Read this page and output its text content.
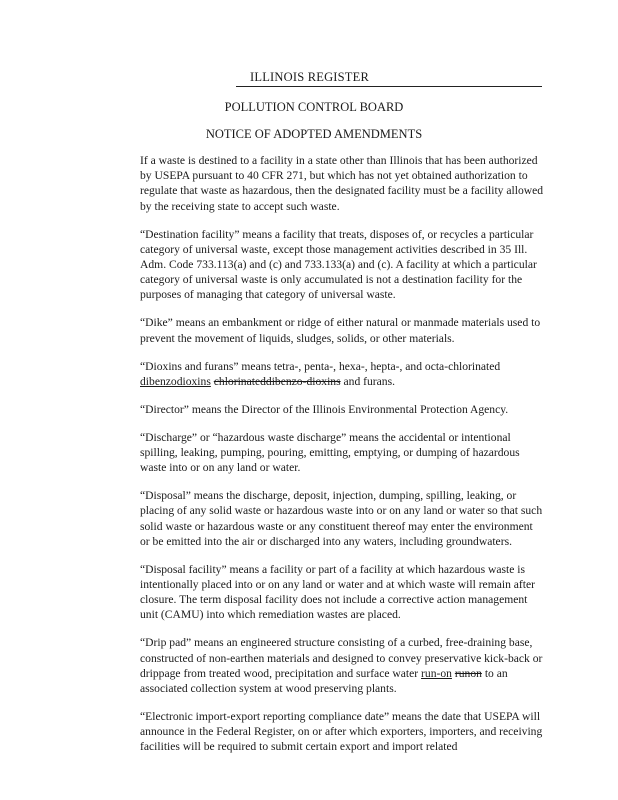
ILLINOIS REGISTER
POLLUTION CONTROL BOARD
NOTICE OF ADOPTED AMENDMENTS

If a waste is destined to a facility in a state other than Illinois that has been authorized by USEPA pursuant to 40 CFR 271, but which has not yet obtained authorization to regulate that waste as hazardous, then the designated facility must be a facility allowed by the receiving state to accept such waste.

“Destination facility” means a facility that treats, disposes of, or recycles a particular category of universal waste, except those management activities described in 35 Ill. Adm. Code 733.113(a) and (c) and 733.133(a) and (c). A facility at which a particular category of universal waste is only accumulated is not a destination facility for the purposes of managing that category of universal waste.

“Dike” means an embankment or ridge of either natural or manmade materials used to prevent the movement of liquids, sludges, solids, or other materials.

“Dioxins and furans” means tetra-, penta-, hexa-, hepta-, and octa-chlorinated dibenzodioxins chlorinateddibenzo-dioxins and furans.

“Director” means the Director of the Illinois Environmental Protection Agency.

“Discharge” or “hazardous waste discharge” means the accidental or intentional spilling, leaking, pumping, pouring, emitting, emptying, or dumping of hazardous waste into or on any land or water.

“Disposal” means the discharge, deposit, injection, dumping, spilling, leaking, or placing of any solid waste or hazardous waste into or on any land or water so that such solid waste or hazardous waste or any constituent thereof may enter the environment or be emitted into the air or discharged into any waters, including groundwaters.

“Disposal facility” means a facility or part of a facility at which hazardous waste is intentionally placed into or on any land or water and at which waste will remain after closure. The term disposal facility does not include a corrective action management unit (CAMU) into which remediation wastes are placed.

“Drip pad” means an engineered structure consisting of a curbed, free-draining base, constructed of non-earthen materials and designed to convey preservative kick-back or drippage from treated wood, precipitation and surface water run-on runon to an associated collection system at wood preserving plants.

“Electronic import-export reporting compliance date” means the date that USEPA will announce in the Federal Register, on or after which exporters, importers, and receiving facilities will be required to submit certain export and import related
